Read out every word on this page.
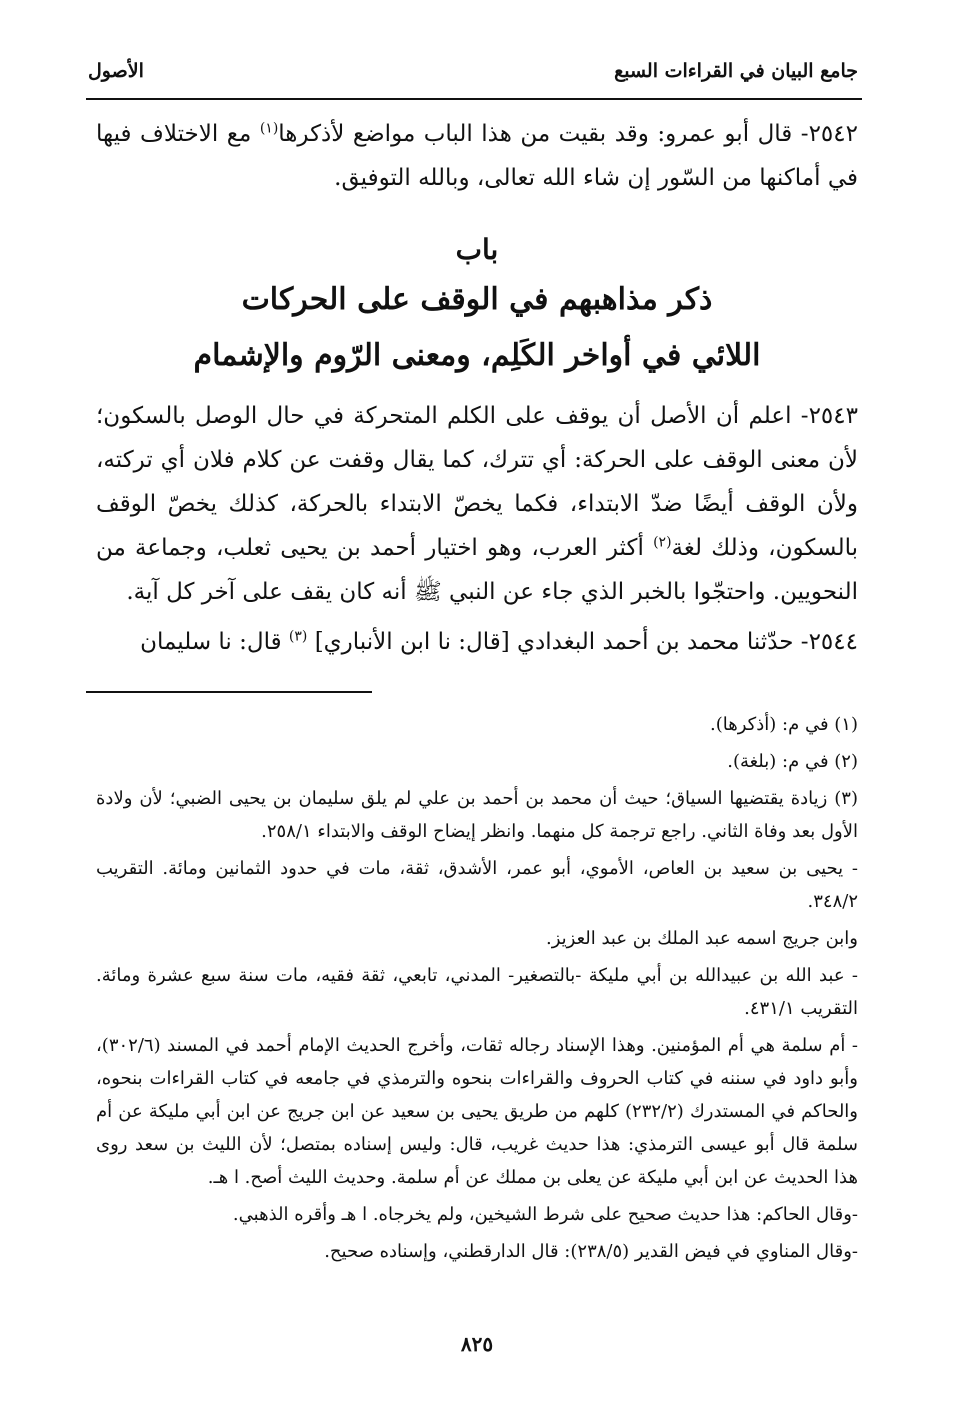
جامع البيان في القراءات السبع
الأصول

٢٥٤٢- قال أبو عمرو: وقد بقيت من هذا الباب مواضع لأذكرها$^{(١)}$ مع الاختلاف فيها في أماكنها من السّور إن شاء الله تعالى، وبالله التوفيق.

باب
ذكر مذاهبهم في الوقف على الحركات
اللائي في أواخر الكَلِم، ومعنى الرّوم والإشمام

٢٥٤٣- اعلم أن الأصل أن يوقف على الكلم المتحركة في حال الوصل بالسكون؛ لأن معنى الوقف على الحركة: أي تترك، كما يقال وقفت عن كلام فلان أي تركته، ولأن الوقف أيضًا ضدّ الابتداء، فكما يخصّ الابتداء بالحركة، كذلك يخصّ الوقف بالسكون، وذلك لغة$^{(٢)}$ أكثر العرب، وهو اختيار أحمد بن يحيى ثعلب، وجماعة من النحويين. واحتجّوا بالخبر الذي جاء عن النبي ﷺ أنه كان يقف على آخر كل آية.

٢٥٤٤- حدّثنا محمد بن أحمد البغدادي [قال: نا ابن الأنباري] $^{(٣)}$ قال: نا سليمان

(١) في م: (أذكرها).

(٢) في م: (بلغة).

(٣) زيادة يقتضيها السياق؛ حيث أن محمد بن أحمد بن علي لم يلق سليمان بن يحيى الضبي؛ لأن ولادة الأول بعد وفاة الثاني. راجع ترجمة كل منهما. وانظر إيضاح الوقف والابتداء ٢٥٨/١.

- يحيى بن سعيد بن العاص، الأموي، أبو عمر، الأشدق، ثقة، مات في حدود الثمانين ومائة. التقريب ٣٤٨/٢.

وابن جريج اسمه عبد الملك بن عبد العزيز.

- عبد الله بن عبيدالله بن أبي مليكة -بالتصغير- المدني، تابعي، ثقة فقيه، مات سنة سبع عشرة ومائة. التقريب ٤٣١/١.

- أم سلمة هي أم المؤمنين. وهذا الإسناد رجاله ثقات، وأخرج الحديث الإمام أحمد في المسند (٣٠٢/٦)، وأبو داود في سننه في كتاب الحروف والقراءات بنحوه والترمذي في جامعه في كتاب القراءات بنحوه، والحاكم في المستدرك (٢٣٢/٢) كلهم من طريق يحيى بن سعيد عن ابن جريج عن ابن أبي مليكة عن أم سلمة قال أبو عيسى الترمذي: هذا حديث غريب، قال: وليس إسناده بمتصل؛ لأن الليث بن سعد روى هذا الحديث عن ابن أبي مليكة عن يعلى بن مملك عن أم سلمة. وحديث الليث أصح. ا هـ.

-وقال الحاكم: هذا حديث صحيح على شرط الشيخين، ولم يخرجاه. ا هـ وأقره الذهبي.

-وقال المناوي في فيض القدير (٢٣٨/٥): قال الدارقطني، وإسناده صحيح.

٨٢٥
